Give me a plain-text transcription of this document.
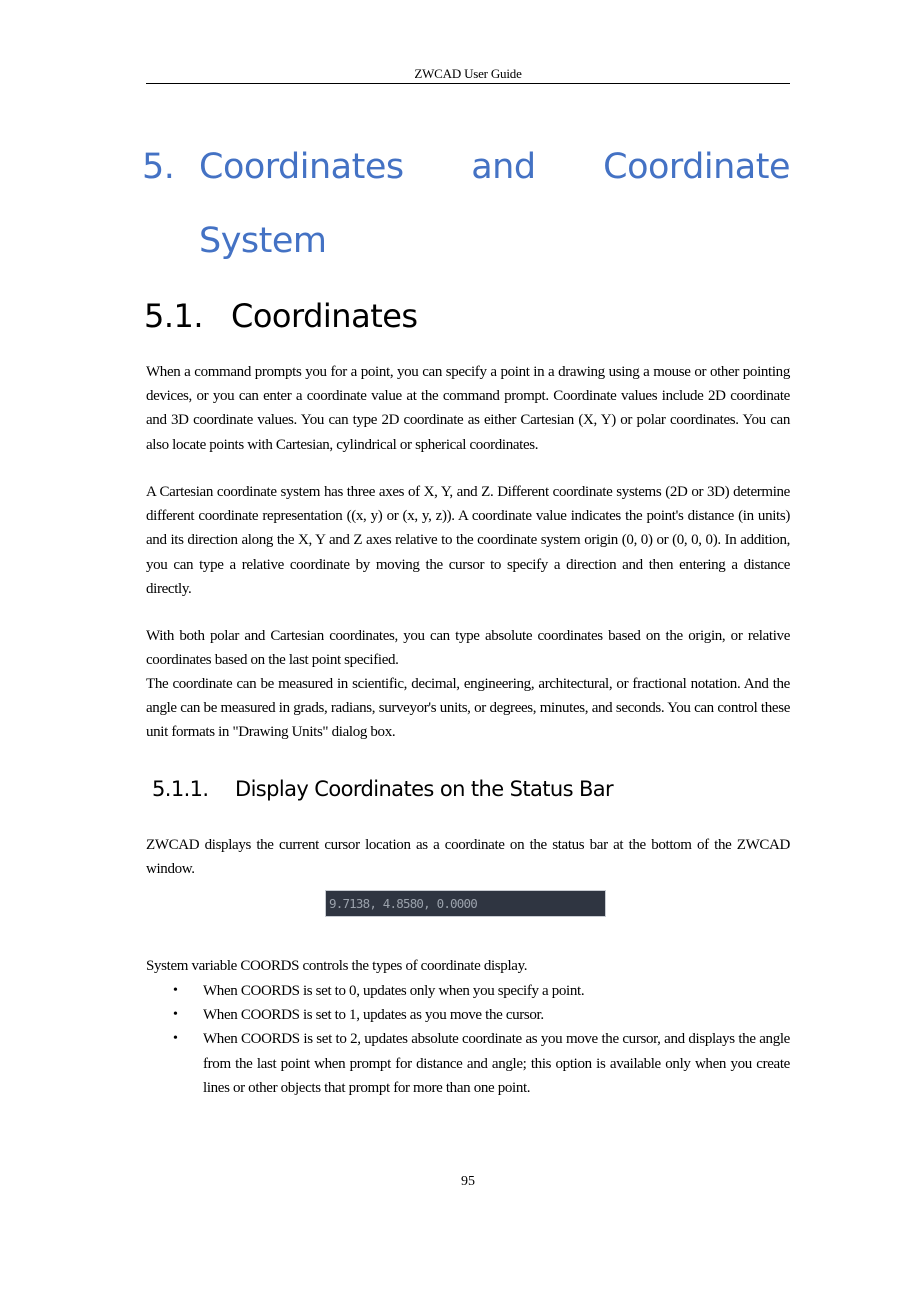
ZWCAD User Guide
5. Coordinates and Coordinate
System
5.1. Coordinates

When a command prompts you for a point, you can specify a point in a drawing using a mouse or other pointing devices, or you can enter a coordinate value at the command prompt. Coordinate values include 2D coordinate and 3D coordinate values. You can type 2D coordinate as either Cartesian (X, Y) or polar coordinates. You can also locate points with Cartesian, cylindrical or spherical coordinates.

A Cartesian coordinate system has three axes of X, Y, and Z. Different coordinate systems (2D or 3D) determine different coordinate representation ((x, y) or (x, y, z)). A coordinate value indicates the point's distance (in units) and its direction along the X, Y and Z axes relative to the coordinate system origin (0, 0) or (0, 0, 0). In addition, you can type a relative coordinate by moving the cursor to specify a direction and then entering a distance directly.

With both polar and Cartesian coordinates, you can type absolute coordinates based on the origin, or relative coordinates based on the last point specified.

The coordinate can be measured in scientific, decimal, engineering, architectural, or fractional notation. And the angle can be measured in grads, radians, surveyor's units, or degrees, minutes, and seconds. You can control these unit formats in "Drawing Units" dialog box.

5.1.1. Display Coordinates on the Status Bar

ZWCAD displays the current cursor location as a coordinate on the status bar at the bottom of the ZWCAD window.

9.7138, 4.8580, 0.0000

System variable COORDS controls the types of coordinate display.

• When COORDS is set to 0, updates only when you specify a point.
• When COORDS is set to 1, updates as you move the cursor.
• When COORDS is set to 2, updates absolute coordinate as you move the cursor, and displays the angle from the last point when prompt for distance and angle; this option is available only when you create lines or other objects that prompt for more than one point.
95
